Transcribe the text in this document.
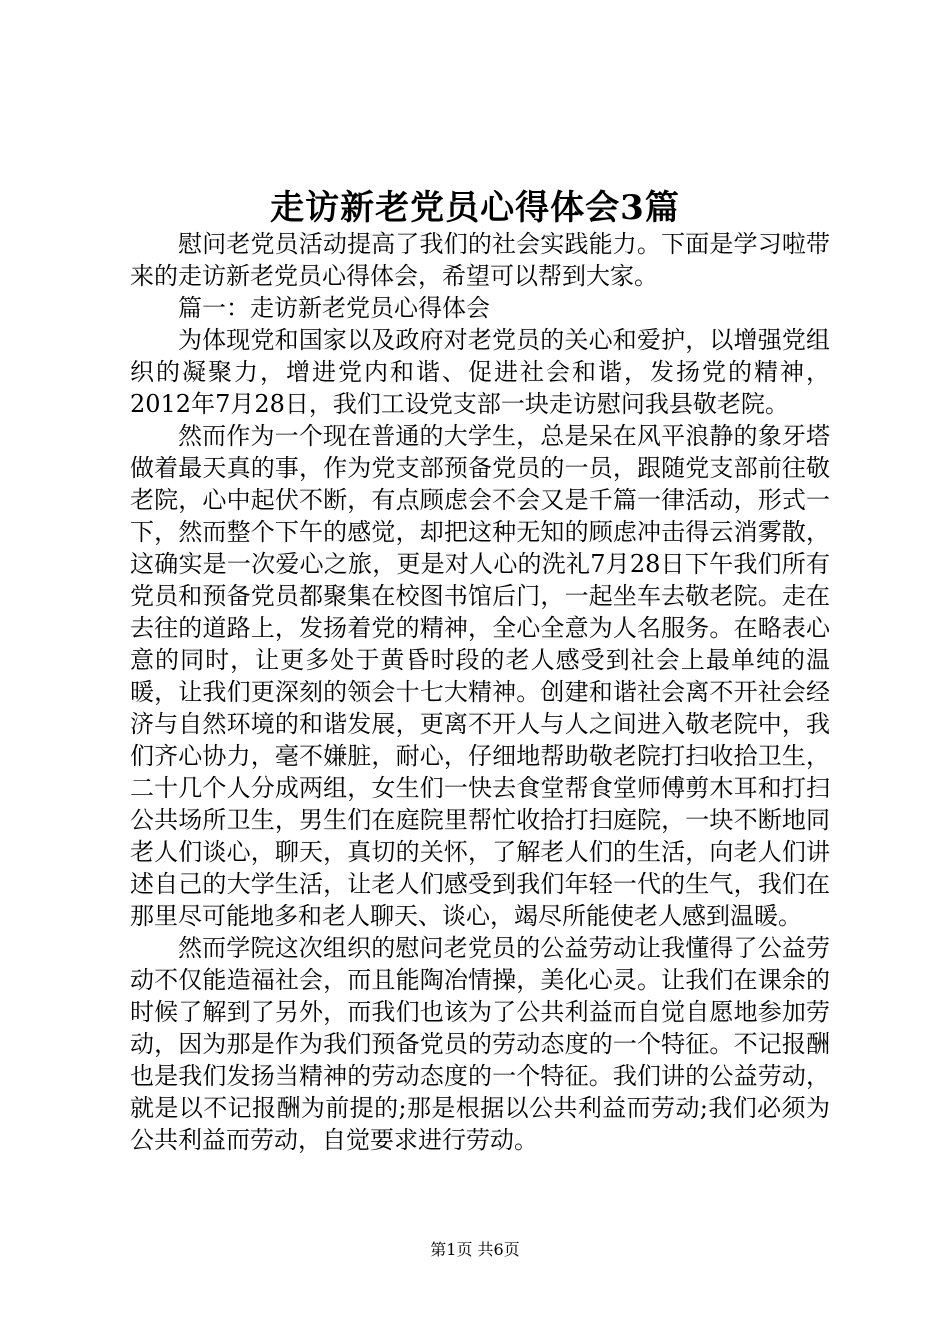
走访新老党员心得体会3篇

慰问老党员活动提高了我们的社会实践能力。下面是学习啦带来的走访新老党员心得体会，希望可以帮到大家。

篇一：走访新老党员心得体会

为体现党和国家以及政府对老党员的关心和爱护，以增强党组织的凝聚力，增进党内和谐、促进社会和谐，发扬党的精神，2012年7月28日，我们工设党支部一块走访慰问我县敬老院。

然而作为一个现在普通的大学生，总是呆在风平浪静的象牙塔做着最天真的事，作为党支部预备党员的一员，跟随党支部前往敬老院，心中起伏不断，有点顾虑会不会又是千篇一律活动，形式一下，然而整个下午的感觉，却把这种无知的顾虑冲击得云消雾散，这确实是一次爱心之旅，更是对人心的洗礼7月28日下午我们所有党员和预备党员都聚集在校图书馆后门，一起坐车去敬老院。走在去往的道路上，发扬着党的精神，全心全意为人名服务。在略表心意的同时，让更多处于黄昏时段的老人感受到社会上最单纯的温暖，让我们更深刻的领会十七大精神。创建和谐社会离不开社会经济与自然环境的和谐发展，更离不开人与人之间进入敬老院中，我们齐心协力，毫不嫌脏，耐心，仔细地帮助敬老院打扫收拾卫生，二十几个人分成两组，女生们一快去食堂帮食堂师傅剪木耳和打扫公共场所卫生，男生们在庭院里帮忙收拾打扫庭院，一块不断地同老人们谈心，聊天，真切的关怀，了解老人们的生活，向老人们讲述自己的大学生活，让老人们感受到我们年轻一代的生气，我们在那里尽可能地多和老人聊天、谈心，竭尽所能使老人感到温暖。

然而学院这次组织的慰问老党员的公益劳动让我懂得了公益劳动不仅能造福社会，而且能陶冶情操，美化心灵。让我们在课余的时候了解到了另外，而我们也该为了公共利益而自觉自愿地参加劳动，因为那是作为我们预备党员的劳动态度的一个特征。不记报酬也是我们发扬当精神的劳动态度的一个特征。我们讲的公益劳动，就是以不记报酬为前提的;那是根据以公共利益而劳动;我们必须为公共利益而劳动，自觉要求进行劳动。

第1页 共6页
